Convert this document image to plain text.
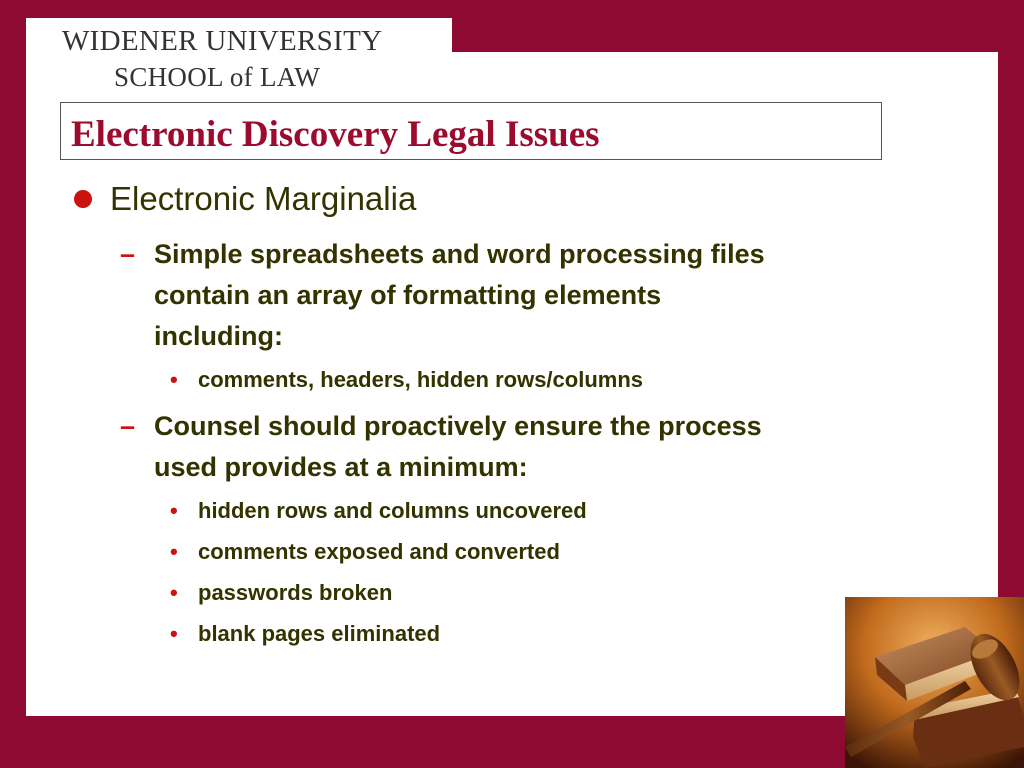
WIDENER UNIVERSITY
SCHOOL of LAW
Electronic Discovery Legal Issues
Electronic Marginalia
– Simple spreadsheets and word processing files contain an array of formatting elements including:
• comments, headers, hidden rows/columns
– Counsel should proactively ensure the process used provides at a minimum:
• hidden rows and columns uncovered
• comments exposed and converted
• passwords broken
• blank pages eliminated
